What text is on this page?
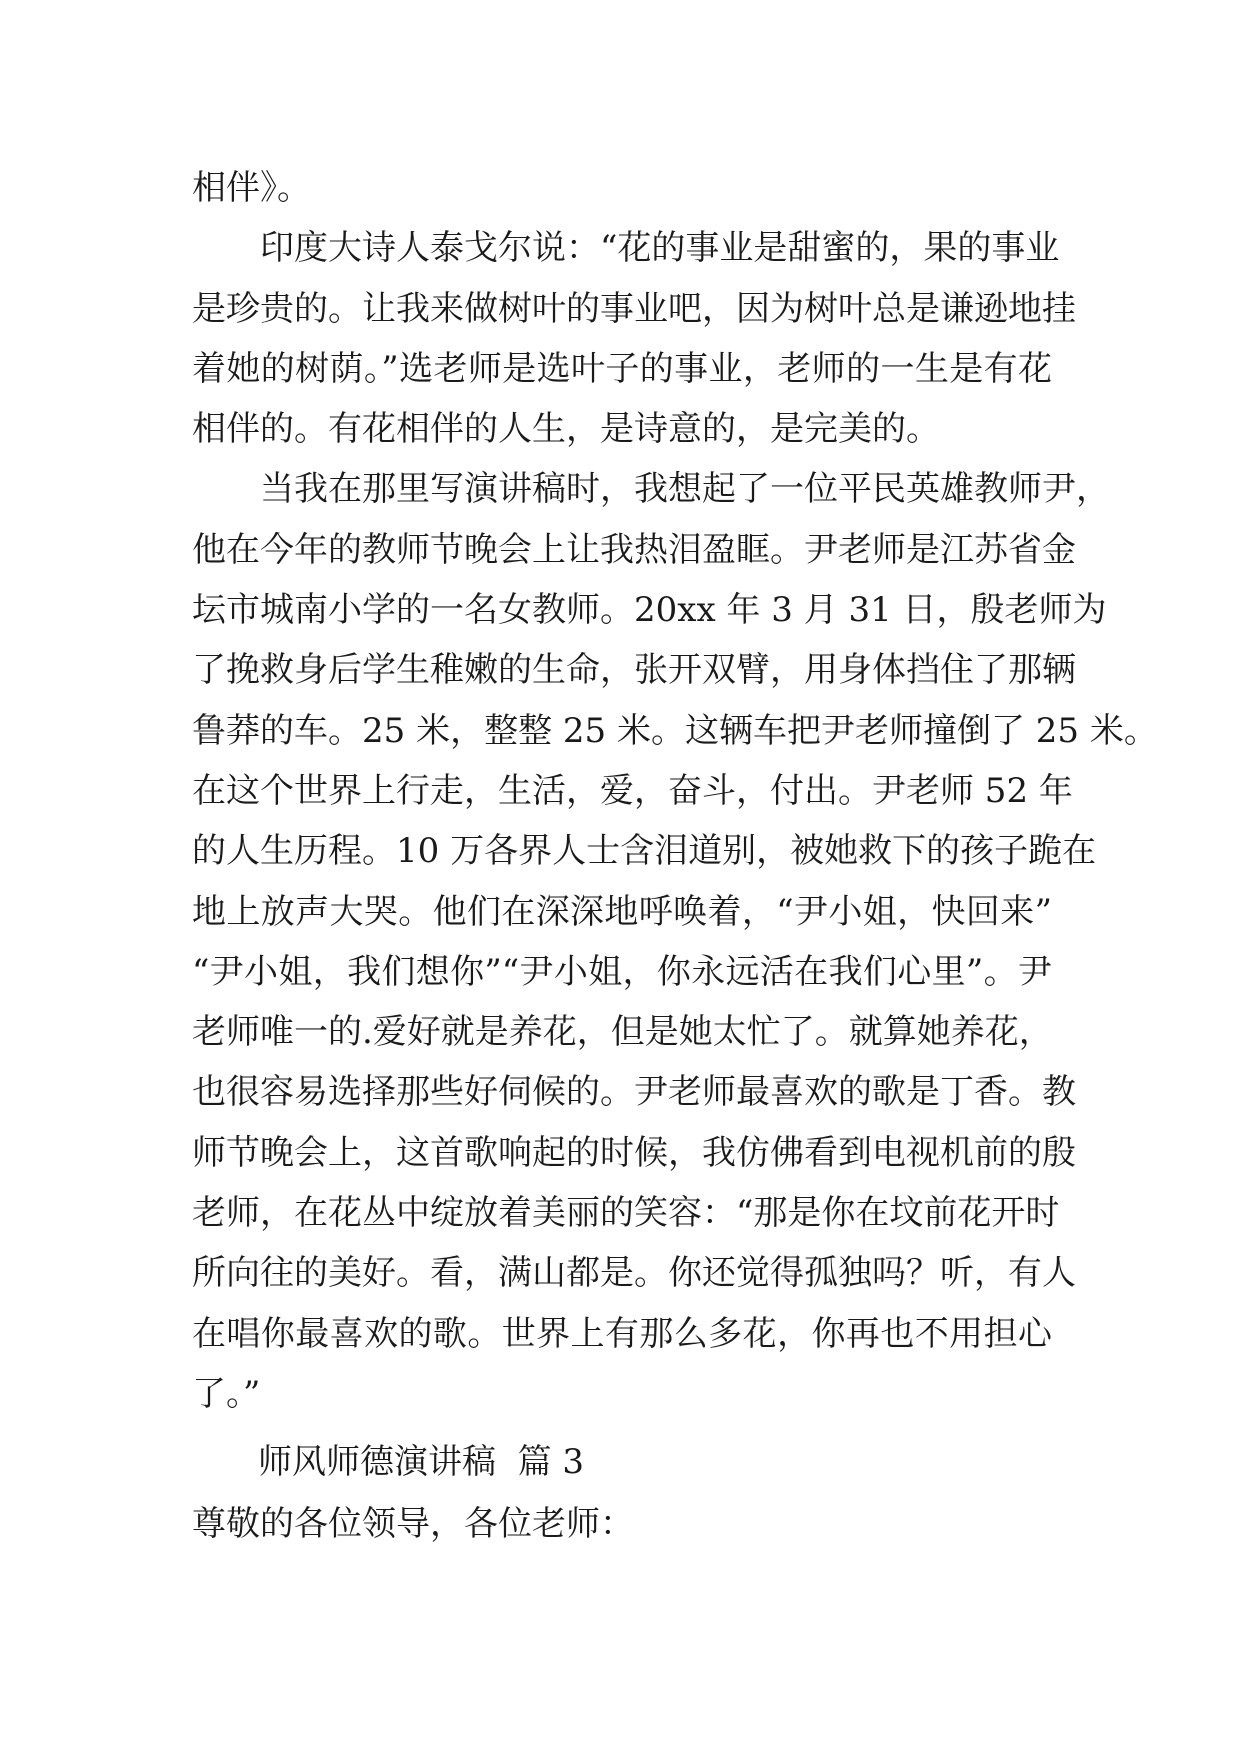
相伴》。
印度大诗人泰戈尔说：“花的事业是甜蜜的，果的事业
是珍贵的。让我来做树叶的事业吧，因为树叶总是谦逊地挂
着她的树荫。”选老师是选叶子的事业，老师的一生是有花
相伴的。有花相伴的人生，是诗意的，是完美的。
当我在那里写演讲稿时，我想起了一位平民英雄教师尹，
他在今年的教师节晚会上让我热泪盈眶。尹老师是江苏省金
坛市城南小学的一名女教师。20xx 年 3 月 31 日，殷老师为
了挽救身后学生稚嫩的生命，张开双臂，用身体挡住了那辆
鲁莽的车。25 米，整整 25 米。这辆车把尹老师撞倒了 25 米。
在这个世界上行走，生活，爱，奋斗，付出。尹老师 52 年
的人生历程。10 万各界人士含泪道别，被她救下的孩子跪在
地上放声大哭。他们在深深地呼唤着，“尹小姐，快回来”
“尹小姐，我们想你”“尹小姐，你永远活在我们心里”。尹
老师唯一的.爱好就是养花，但是她太忙了。就算她养花，
也很容易选择那些好伺候的。尹老师最喜欢的歌是丁香。教
师节晚会上，这首歌响起的时候，我仿佛看到电视机前的殷
老师，在花丛中绽放着美丽的笑容：“那是你在坟前花开时
所向往的美好。看，满山都是。你还觉得孤独吗？听，有人
在唱你最喜欢的歌。世界上有那么多花，你再也不用担心
了。”
师风师德演讲稿  篇 3
尊敬的各位领导，各位老师：
